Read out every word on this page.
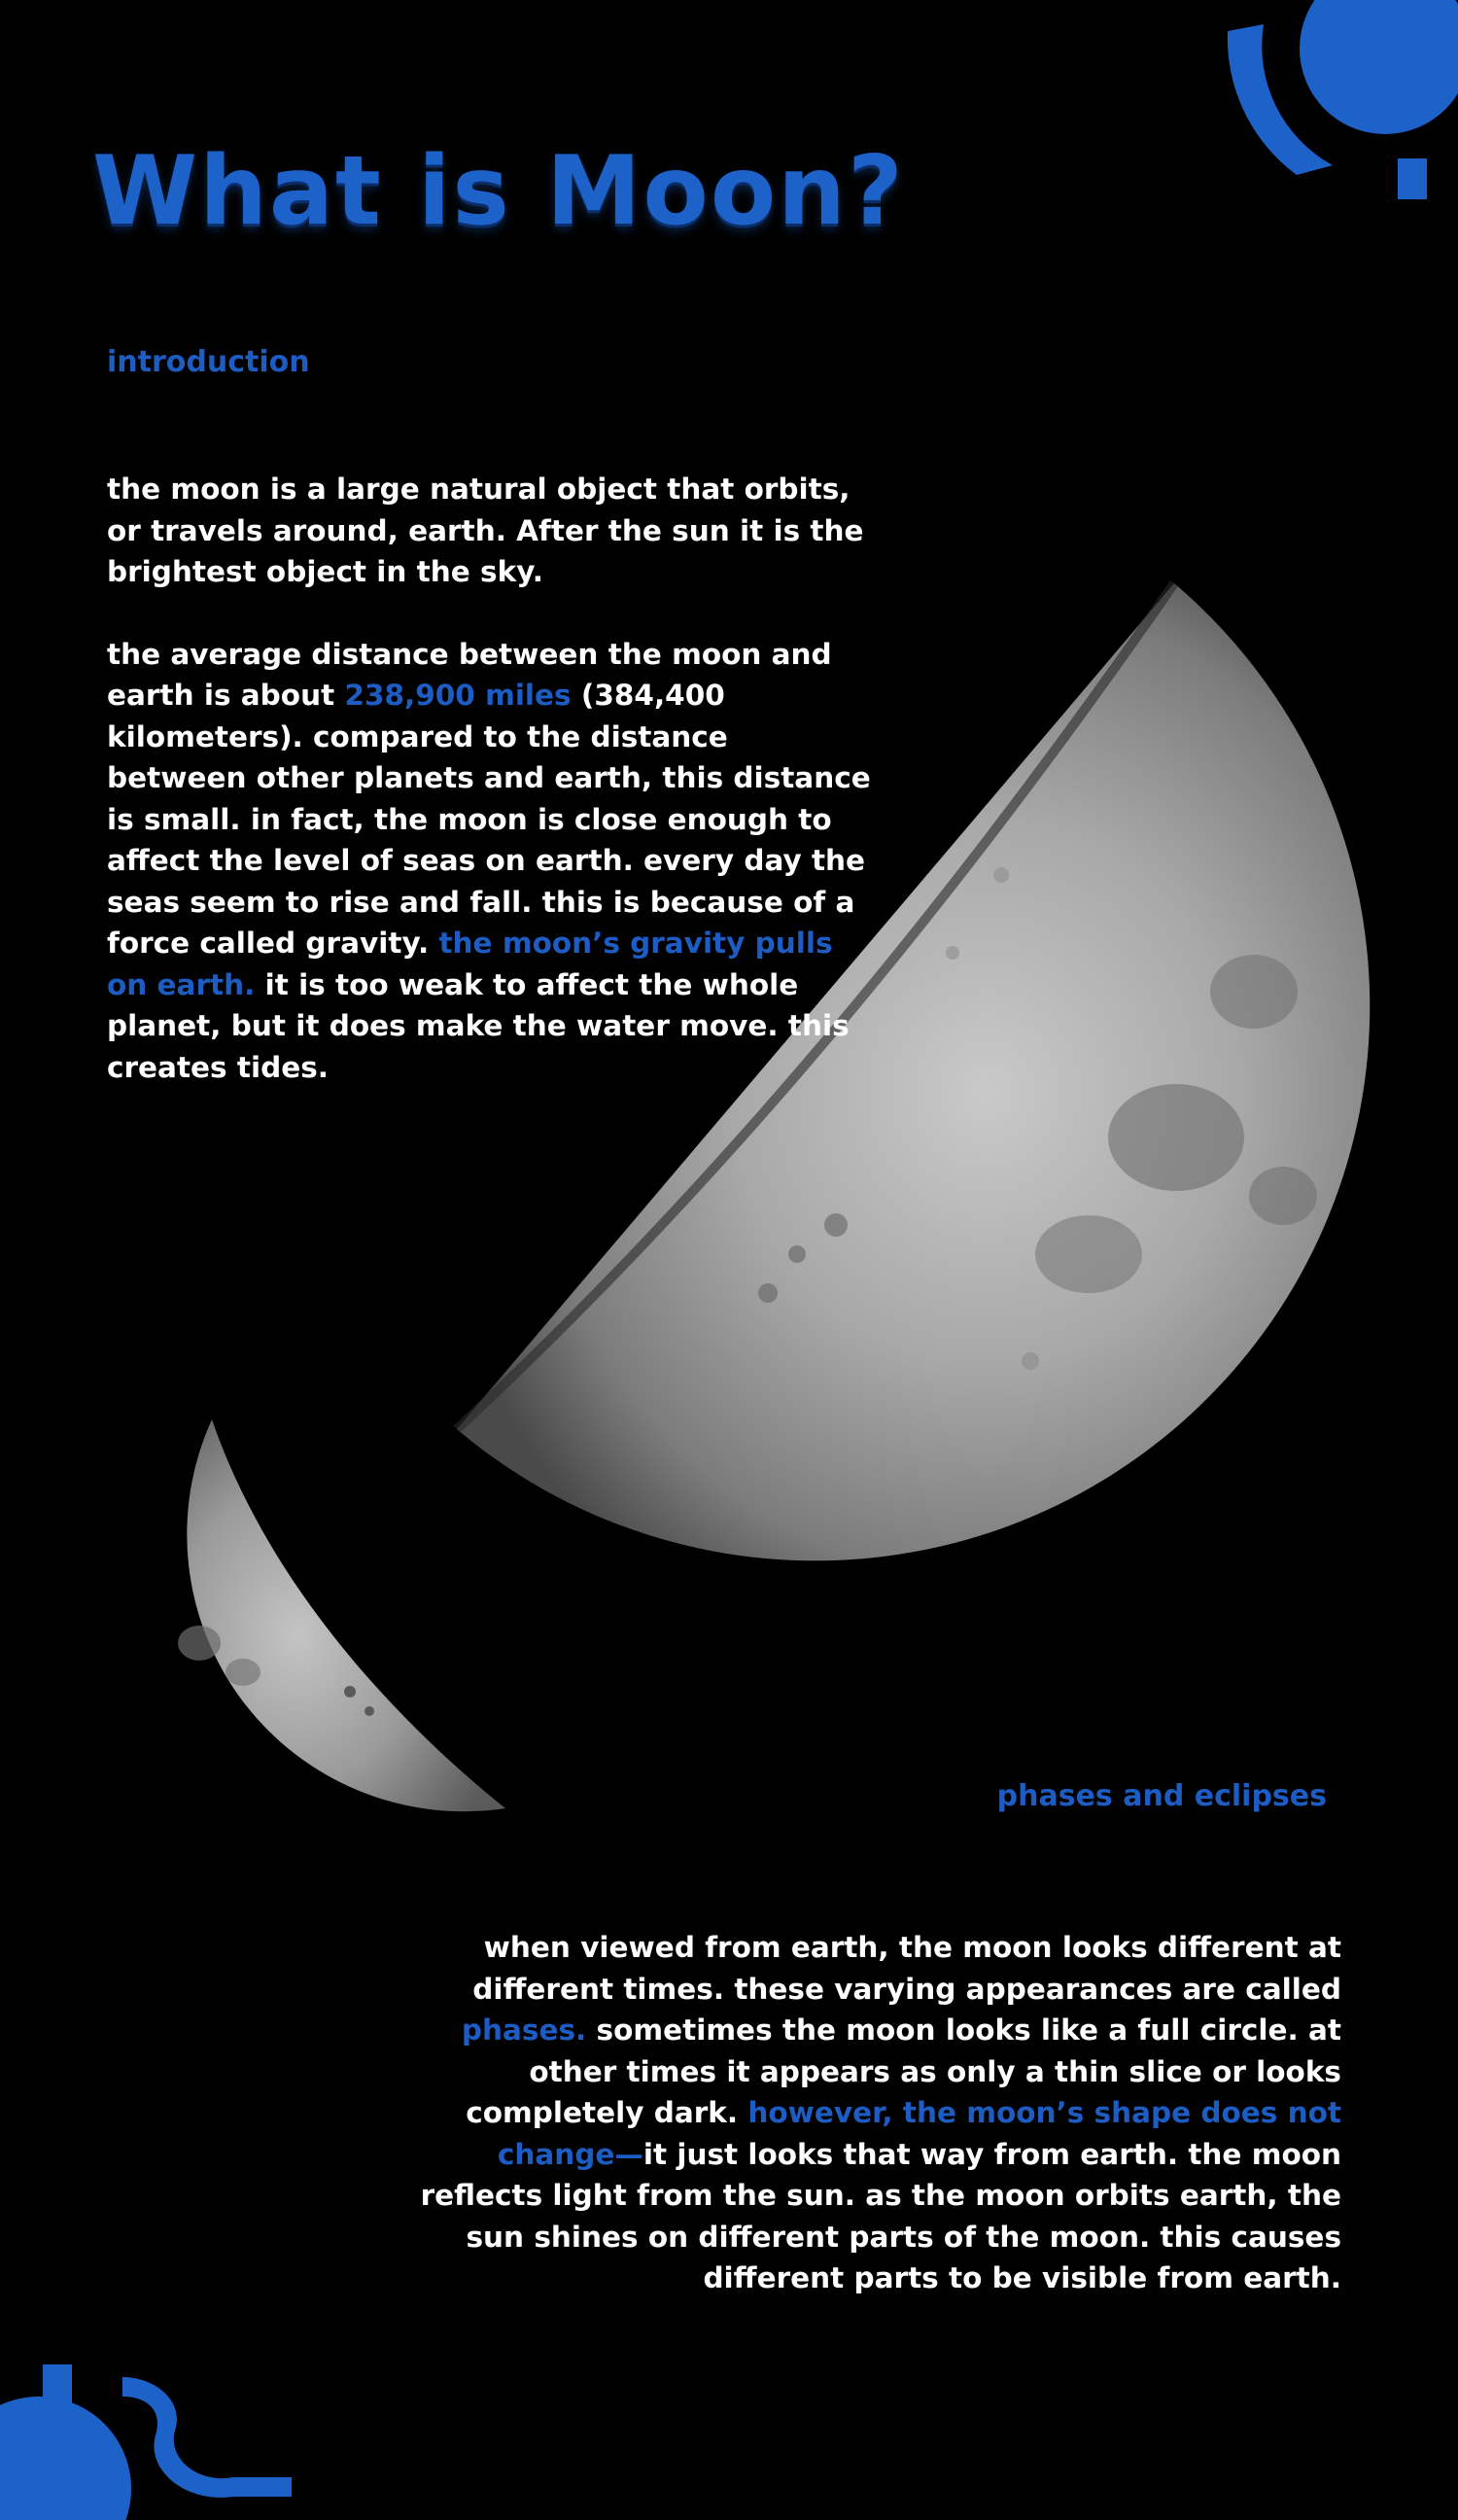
What is Moon?
introduction

the moon is a large natural object that orbits, or travels around, earth. After the sun it is the brightest object in the sky.

the average distance between the moon and earth is about 238,900 miles (384,400 kilometers). compared to the distance between other planets and earth, this distance is small. in fact, the moon is close enough to affect the level of seas on earth. every day the seas seem to rise and fall. this is because of a force called gravity. the moon’s gravity pulls on earth. it is too weak to affect the whole planet, but it does make the water move. this creates tides.

phases and eclipses

when viewed from earth, the moon looks different at different times. these varying appearances are called phases. sometimes the moon looks like a full circle. at other times it appears as only a thin slice or looks completely dark. however, the moon’s shape does not change—it just looks that way from earth. the moon reflects light from the sun. as the moon orbits earth, the sun shines on different parts of the moon. this causes different parts to be visible from earth.
